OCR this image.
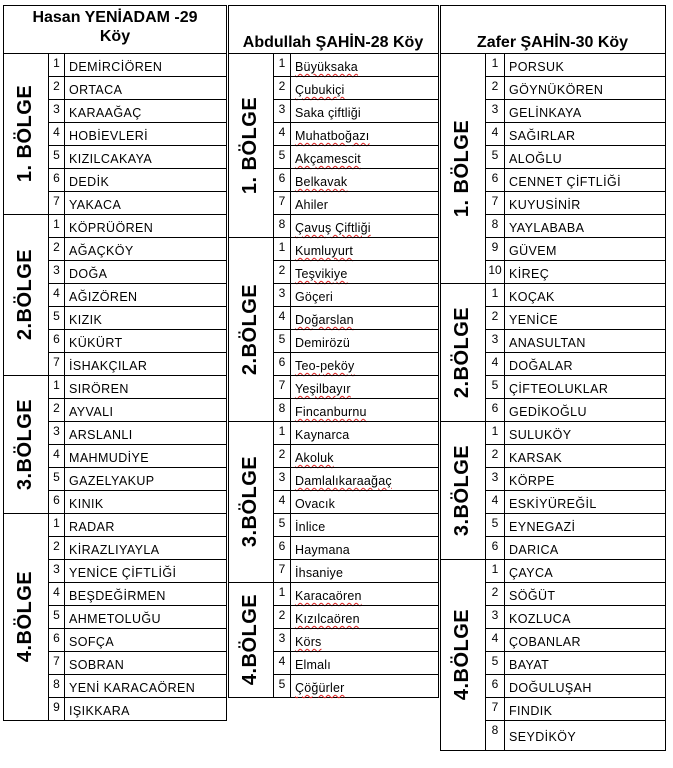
Hasan YENİADAM -29
Köy	Abdullah ŞAHİN-28 Köy	Zafer ŞAHİN-30 Köy
1. BÖLGE
2.BÖLGE
3.BÖLGE
4.BÖLGE
1 DEMİRCİÖREN
2 ORTACA
3 KARAAĞAÇ
4 HOBİEVLERİ
5 KIZILCAKAYA
6 DEDİK
7 YAKACA
1 KÖPRÜÖREN
2 AĞAÇKÖY
3 DOĞA
4 AĞIZÖREN
5 KIZIK
6 KÜKÜRT
7 İSHAKÇILAR
1 SIRÖREN
2 AYVALI
3 ARSLANLI
4 MAHMUDİYE
5 GAZELYAKUP
6 KINIK
1 RADAR
2 KİRAZLIYAYLA
3 YENİCE ÇİFTLİĞİ
4 BEŞDEĞİRMEN
5 AHMETOLUĞU
6 SOFÇA
7 SOBRAN
8 YENİ KARACAÖREN
9 IŞIKKARA
1. BÖLGE
2.BÖLGE
3.BÖLGE
4.BÖLGE
1 Büyüksaka
2 Çubukiçi
3 Saka çiftliği
4 Muhatboğazı
5 Akçamescit
6 Belkavak
7 Ahiler
8 Çavuş Çiftliği
1 Kumluyurt
2 Teşvikiye
3 Göçeri
4 Doğarslan
5 Demirözü
6 Teo-peköy
7 Yeşilbayır
8 Fincanburnu
1 Kaynarca
2 Akoluk
3 Damlalıkaraağaç
4 Ovacık
5 İnlice
6 Haymana
7 İhsaniye
1 Karacaören
2 Kızılcaören
3 Körs
4 Elmalı
5 Çöğürler
1. BÖLGE
2.BÖLGE
3.BÖLGE
4.BÖLGE
1 PORSUK
2 GÖYNÜKÖREN
3 GELİNKAYA
4 SAĞIRLAR
5 ALOĞLU
6 CENNET ÇİFTLİĞİ
7 KUYUSİNİR
8 YAYLABABA
9 GÜVEM
10 KİREÇ
1 KOÇAK
2 YENİCE
3 ANASULTAN
4 DOĞALAR
5 ÇİFTEOLUKLAR
6 GEDİKOĞLU
1 SULUKÖY
2 KARSAK
3 KÖRPE
4 ESKİYÜREĞİL
5 EYNEGAZİ
6 DARICA
1 ÇAYCA
2 SÖĞÜT
3 KOZLUCA
4 ÇOBANLAR
5 BAYAT
6 DOĞULUŞAH
7 FINDIK
8 SEYDİKÖY
